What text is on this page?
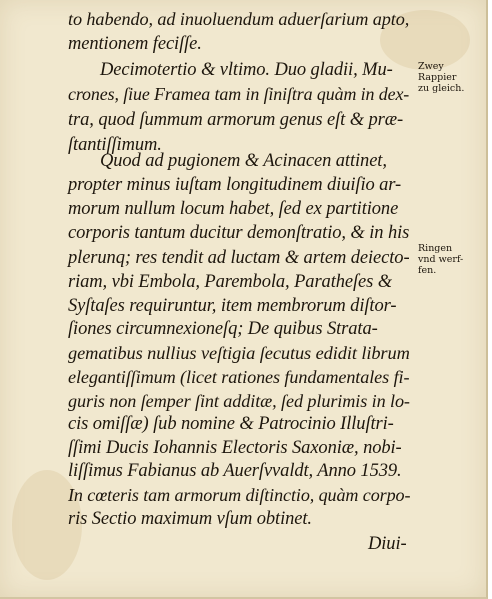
to habendo, ad inuoluendum aduerſarium apto,
mentionem feciſſe.
Decimotertio & vltimo. Duo gladii, Mu-
crones, ſiue Framea tam in ſiniſtra quàm in dex-
tra, quod ſummum armorum genus eſt & præ-
ſtantiſſimum.
Quod ad pugionem & Acinacen attinet,
propter minus iuſtam longitudinem diuiſio ar-
morum nullum locum habet, ſed ex partitione
corporis tantum ducitur demonſtratio, & in his
plerunq; res tendit ad luctam & artem deiecto-
riam, vbi Embola, Parembola, Paratheſes &
Syſtaſes requiruntur, item membrorum diſtor-
ſiones circumnexioneſq; De quibus Strata-
gematibus nullius veſtigia ſecutus edidit librum
elegantiſſimum (licet rationes fundamentales fi-
guris non ſemper ſint additæ, ſed plurimis in lo-
cis omiſſæ) ſub nomine & Patrocinio Illuſtri-
ſſimi Ducis Iohannis Electoris Saxoniæ, nobi-
liſſimus Fabianus ab Auerſvvaldt, Anno 1539.
In cœteris tam armorum diſtinctio, quàm corpo-
ris Sectio maximum vſum obtinet.
Diui-
Zwey
Rappier
zu gleich.
Ringen
vnd werf-
fen.
